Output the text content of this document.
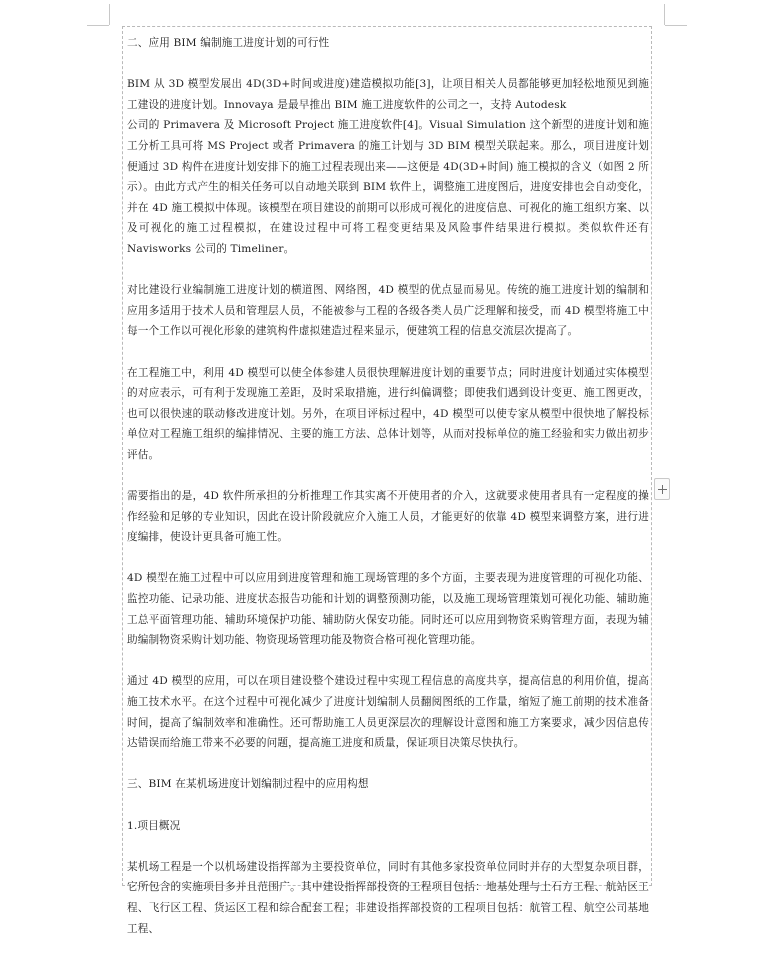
二、应用 BIM 编制施工进度计划的可行性

BIM 从 3D 模型发展出 4D(3D+时间或进度)建造模拟功能[3]，让项目相关人员都能够更加轻松地预见到施工建设的进度计划。Innovaya 是最早推出 BIM 施工进度软件的公司之一，支持 Autodesk

公司的 Primavera 及 Microsoft Project 施工进度软件[4]。Visual Simulation 这个新型的进度计划和施工分析工具可将 MS Project 或者 Primavera 的施工计划与 3D BIM 模型关联起来。那么，项目进度计划便通过 3D 构件在进度计划安排下的施工过程表现出来——这便是 4D(3D+时间) 施工模拟的含义（如图 2 所示）。由此方式产生的相关任务可以自动地关联到 BIM 软件上，调整施工进度图后，进度安排也会自动变化，并在 4D 施工模拟中体现。该模型在项目建设的前期可以形成可视化的进度信息、可视化的施工组织方案、以及可视化的施工过程模拟，在建设过程中可将工程变更结果及风险事件结果进行模拟。类似软件还有 Navisworks 公司的 Timeliner。

对比建设行业编制施工进度计划的横道图、网络图，4D 模型的优点显而易见。传统的施工进度计划的编制和应用多适用于技术人员和管理层人员，不能被参与工程的各级各类人员广泛理解和接受，而 4D 模型将施工中每一个工作以可视化形象的建筑构件虚拟建造过程来显示，便建筑工程的信息交流层次提高了。

在工程施工中，利用 4D 模型可以使全体参建人员很快理解进度计划的重要节点；同时进度计划通过实体模型的对应表示，可有利于发现施工差距，及时采取措施，进行纠偏调整；即使我们遇到设计变更、施工图更改，也可以很快速的联动修改进度计划。另外，在项目评标过程中，4D 模型可以使专家从模型中很快地了解投标单位对工程施工组织的编排情况、主要的施工方法、总体计划等，从而对投标单位的施工经验和实力做出初步评估。

需要指出的是，4D 软件所承担的分析推理工作其实离不开使用者的介入，这就要求使用者具有一定程度的操作经验和足够的专业知识，因此在设计阶段就应介入施工人员，才能更好的依靠 4D 模型来调整方案，进行进度编排，使设计更具备可施工性。

4D 模型在施工过程中可以应用到进度管理和施工现场管理的多个方面，主要表现为进度管理的可视化功能、监控功能、记录功能、进度状态报告功能和计划的调整预测功能，以及施工现场管理策划可视化功能、辅助施工总平面管理功能、辅助环境保护功能、辅助防火保安功能。同时还可以应用到物资采购管理方面，表现为辅助编制物资采购计划功能、物资现场管理功能及物资合格可视化管理功能。

通过 4D 模型的应用，可以在项目建设整个建设过程中实现工程信息的高度共享，提高信息的利用价值，提高施工技术水平。在这个过程中可视化减少了进度计划编制人员翻阅图纸的工作量，缩短了施工前期的技术准备时间，提高了编制效率和准确性。还可帮助施工人员更深层次的理解设计意图和施工方案要求，减少因信息传达错误而给施工带来不必要的问题，提高施工进度和质量，保证项目决策尽快执行。

三、BIM 在某机场进度计划编制过程中的应用构想
1.项目概况

某机场工程是一个以机场建设指挥部为主要投资单位，同时有其他多家投资单位同时并存的大型复杂项目群，它所包含的实施项目多并且范围广。其中建设指挥部投资的工程项目包括：地基处理与土石方工程、航站区工程、飞行区工程、货运区工程和综合配套工程；非建设指挥部投资的工程项目包括：航管工程、航空公司基地工程、
